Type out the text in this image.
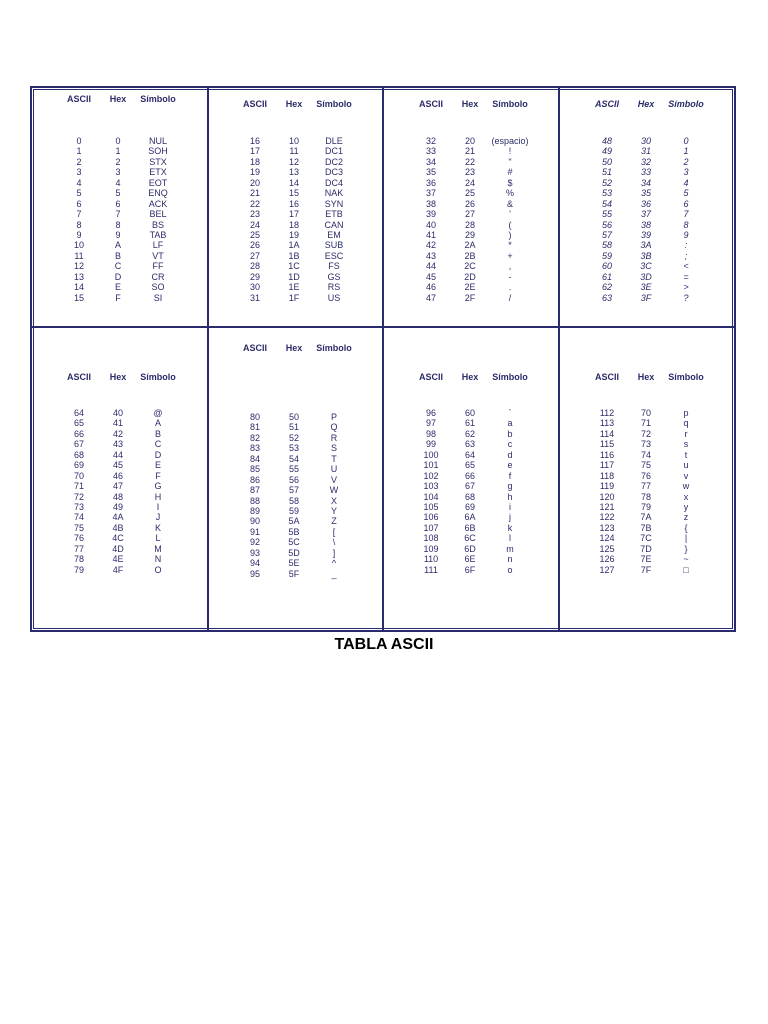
ASCII Hex Símbolo
0	0	NUL
1	1	SOH
2	2	STX
3	3	ETX
4	4	EOT
5	5	ENQ
6	6	ACK
7	7	BEL
8	8	BS
9	9	TAB
10	A	LF
11	B	VT
12	C	FF
13	D	CR
14	E	SO
15	F	SI
ASCII Hex Símbolo
16	10	DLE
17	11	DC1
18	12	DC2
19	13	DC3
20	14	DC4
21	15	NAK
22	16	SYN
23	17	ETB
24	18	CAN
25	19	EM
26	1A	SUB
27	1B	ESC
28	1C	FS
29	1D	GS
30	1E	RS
31	1F	US
ASCII Hex Símbolo
32	20 (espacio)
33	21	!
34	22	"
35	23	#
36	24	$
37	25	%
38	26	&
39	27	'
40	28	(
41	29	)
42	2A	*
43	2B	+
44	2C	,
45	2D	-
46	2E	.
47	2F	/
ASCII Hex Símbolo
48	30	0
49	31	1
50	32	2
51	33	3
52	34	4
53	35	5
54	36	6
55	37	7
56	38	8
57	39	9
58	3A	:
59	3B	;
60	3C	<
61	3D	=
62	3E	>
63	3F	?
ASCII Hex Símbolo
64	40	@
65	41	A
66	42	B
67	43	C
68	44	D
69	45	E
70	46	F
71	47	G
72	48	H
73	49	I
74	4A	J
75	4B	K
76	4C	L
77	4D	M
78	4E	N
79	4F	O
ASCII Hex Símbolo
80	50	P
81	51	Q
82	52	R
83	53	S
84	54	T
85	55	U
86	56	V
87	57	W
88	58	X
89	59	Y
90	5A	Z
91	5B	[
92	5C	\
93	5D	]
94	5E	^
95	5F	_
ASCII Hex Símbolo
96	60	`
97	61	a
98	62	b
99	63	c
100	64	d
101	65	e
102	66	f
103	67	g
104	68	h
105	69	i
106	6A	j
107	6B	k
108	6C	l
109	6D	m
110	6E	n
111	6F	o
ASCII Hex Símbolo
112	70	p
113	71	q
114	72	r
115	73	s
116	74	t
117	75	u
118	76	v
119	77	w
120	78	x
121	79	y
122	7A	z
123	7B	{
124	7C	|
125	7D	}
126	7E	~
127	7F	□
TABLA ASCII
